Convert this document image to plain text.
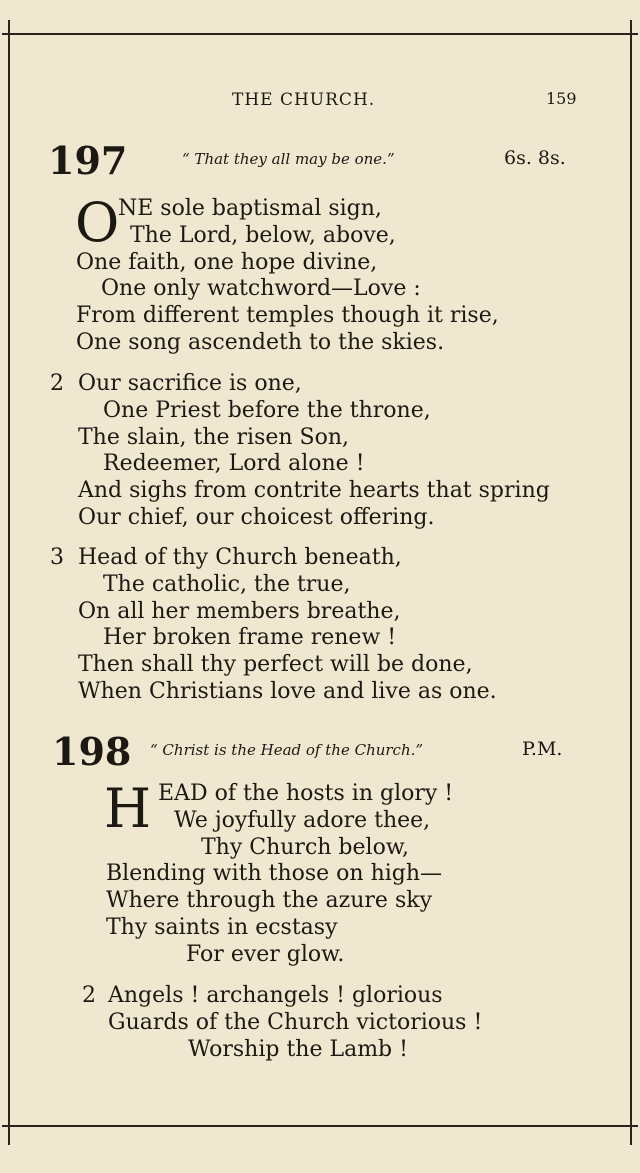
THE CHURCH.	159
197	“ That they all may be one.”	6s. 8s.
O
NE sole baptismal sign,
The Lord, below, above,
One faith, one hope divine,
One only watchword—Love :
From different temples though it rise,
One song ascendeth to the skies.
2 Our sacrifice is one,
One Priest before the throne,
The slain, the risen Son,
Redeemer, Lord alone !
And sighs from contrite hearts that spring
Our chief, our choicest offering.
3 Head of thy Church beneath,
The catholic, the true,
On all her members breathe,
Her broken frame renew !
Then shall thy perfect will be done,
When Christians love and live as one.
198 “ Christ is the Head of the Church.”	P.M.
H EAD of the hosts in glory !
We joyfully adore thee,
Thy Church below,
Blending with those on high—
Where through the azure sky
Thy saints in ecstasy
For ever glow.
2 Angels ! archangels ! glorious
Guards of the Church victorious !
Worship the Lamb !
